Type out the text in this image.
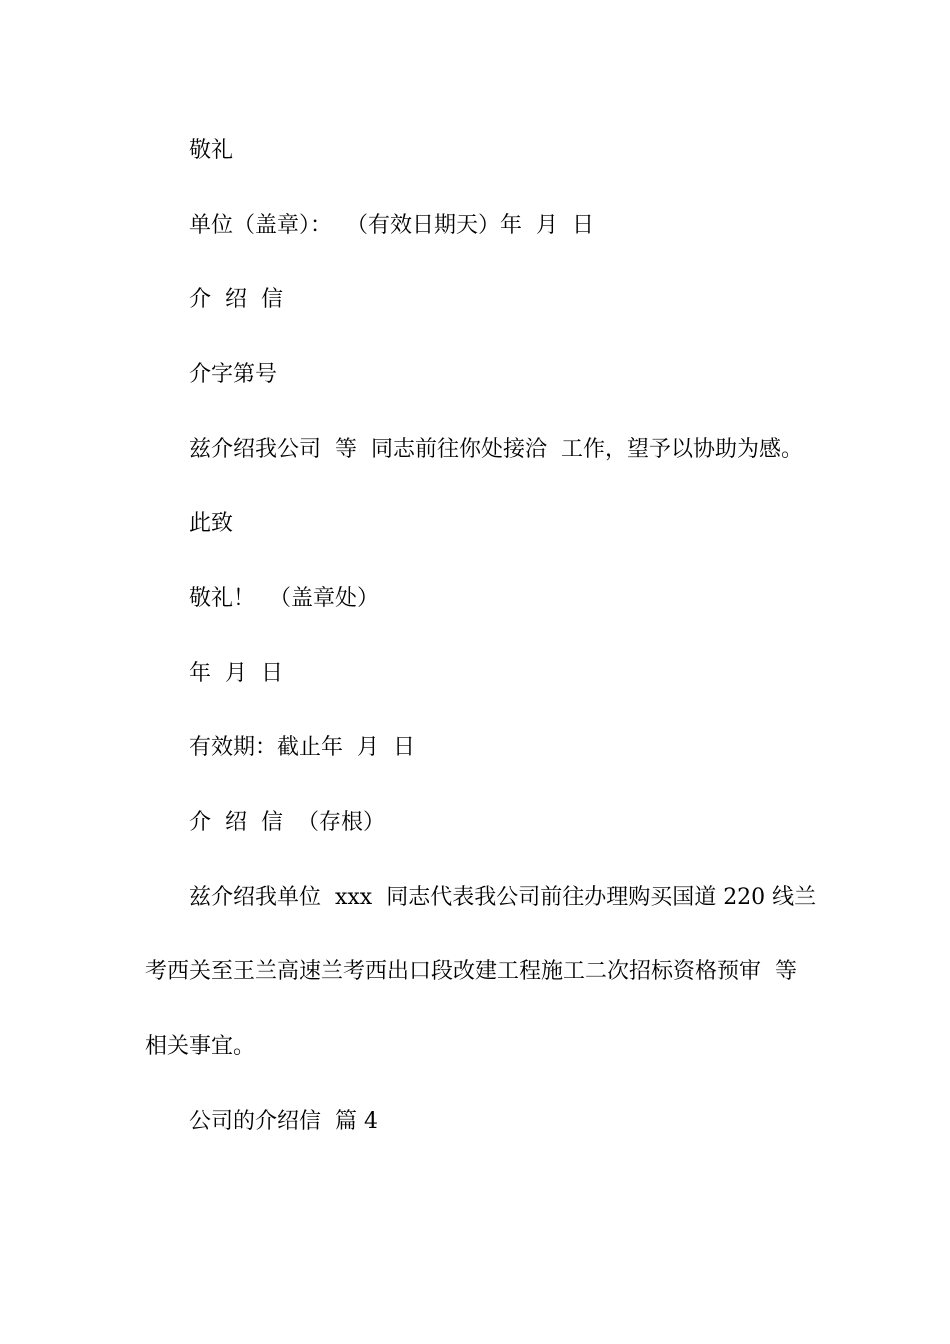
敬礼

单位（盖章）：  （有效日期天）年  月  日

介  绍  信

介字第号

兹介绍我公司  等  同志前往你处接洽  工作，望予以协助为感。

此致

敬礼！  （盖章处）

年  月  日

有效期：截止年  月  日

介  绍  信  （存根）

兹介绍我单位  xxx  同志代表我公司前往办理购买国道 220 线兰

考西关至王兰高速兰考西出口段改建工程施工二次招标资格预审  等

相关事宜。

公司的介绍信  篇 4
